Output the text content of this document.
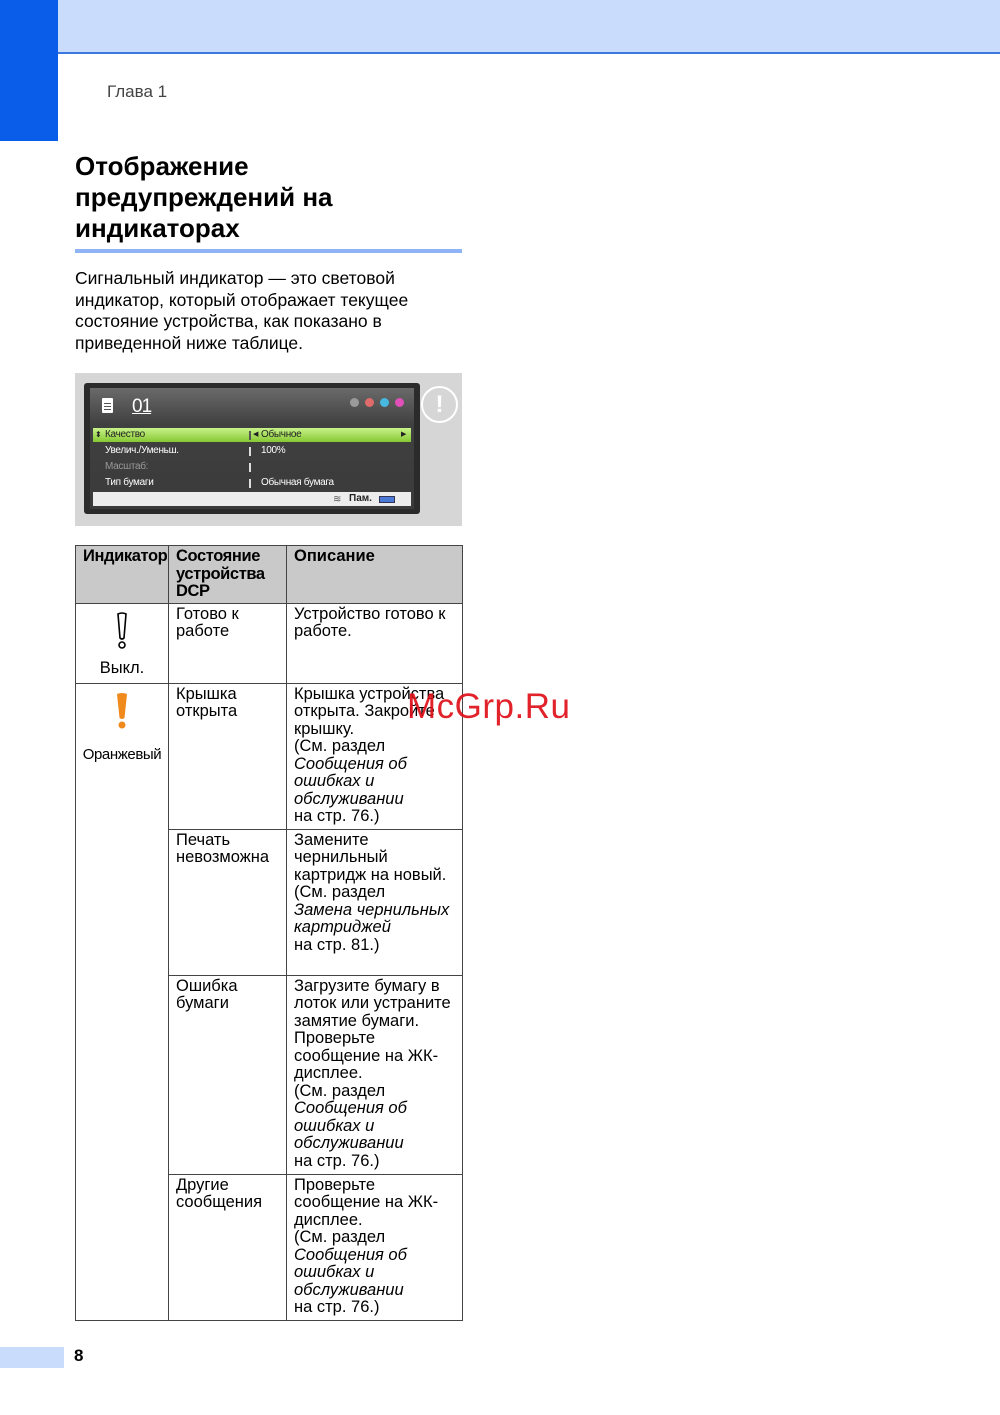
Глава 1
Отображение предупреждений на индикаторах
Сигнальный индикатор — это световой индикатор, который отображает текущее состояние устройства, как показано в приведенной ниже таблице.
01
⬍ Качество	◀ Обычное	▶
Увелич./Уменьш.	100%
Масштаб:
Тип бумаги	Обычная бумага
≋ Пам.
!
Индикатор	Состояние устройства DCP	Описание

Выкл.	Готово к работе	Устройство готово к работе.

Оранжевый	Крышка открыта	Крышка устройства открыта. Закройте крышку.
(См. раздел
Сообщения об ошибках и обслуживании
на стр. 76.)

	Печать невозможна	Замените чернильный картридж на новый.
(См. раздел
Замена чернильных картриджей
на стр. 81.)

	Ошибка бумаги	Загрузите бумагу в лоток или устраните замятие бумаги. Проверьте сообщение на ЖК-дисплее.
(См. раздел
Сообщения об ошибках и обслуживании
на стр. 76.)

	Другие сообщения	Проверьте сообщение на ЖК-дисплее.
(См. раздел
Сообщения об ошибках и обслуживании
на стр. 76.)
McGrp.Ru
8
